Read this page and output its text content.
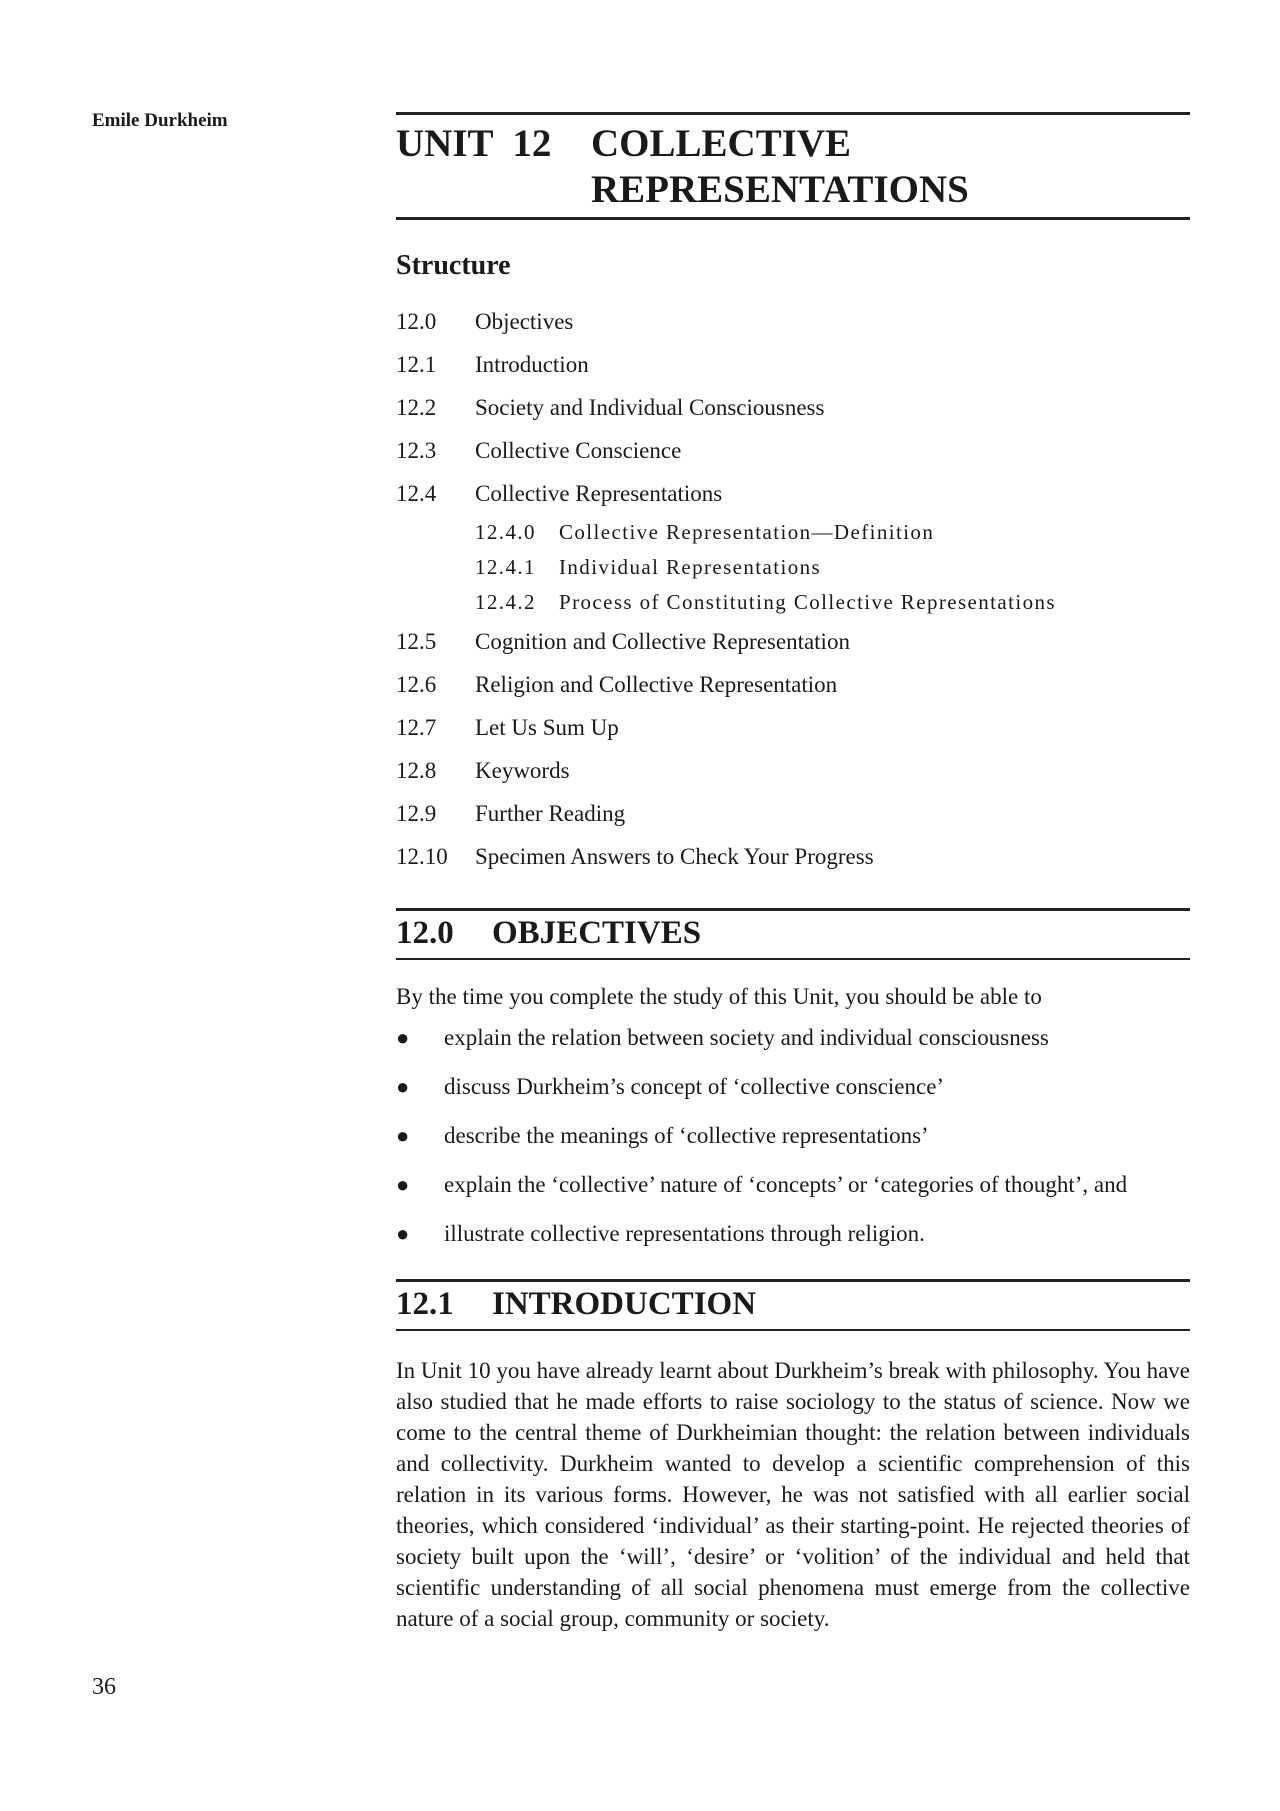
Emile Durkheim
36
UNIT  12	COLLECTIVE
REPRESENTATIONS
Structure
12.0	Objectives
12.1	Introduction
12.2	Society and Individual Consciousness
12.3	Collective Conscience
12.4	Collective Representations
12.4.0	Collective Representation—Definition
12.4.1	Individual Representations
12.4.2	Process of Constituting Collective Representations
12.5	Cognition and Collective Representation
12.6	Religion and Collective Representation
12.7	Let Us Sum Up
12.8	Keywords
12.9	Further Reading
12.10	Specimen Answers to Check Your Progress
12.0	OBJECTIVES
By the time you complete the study of this Unit, you should be able to
●	explain the relation between society and individual consciousness
●	discuss Durkheim’s concept of ‘collective conscience’
●	describe the meanings of ‘collective representations’
●	explain the ‘collective’ nature of ‘concepts’ or ‘categories of thought’, and
●	illustrate collective representations through religion.
12.1	INTRODUCTION
In Unit 10 you have already learnt about Durkheim’s break with philosophy. You have also studied that he made efforts to raise sociology to the status of science. Now we come to the central theme of Durkheimian thought: the relation between individuals and collectivity. Durkheim wanted to develop a scientific comprehension of this relation in its various forms. However, he was not satisfied with all earlier social theories, which considered ‘individual’ as their starting-point. He rejected theories of society built upon the ‘will’, ‘desire’ or ‘volition’ of the individual and held that scientific understanding of all social phenomena must emerge from the collective nature of a social group, community or society.
